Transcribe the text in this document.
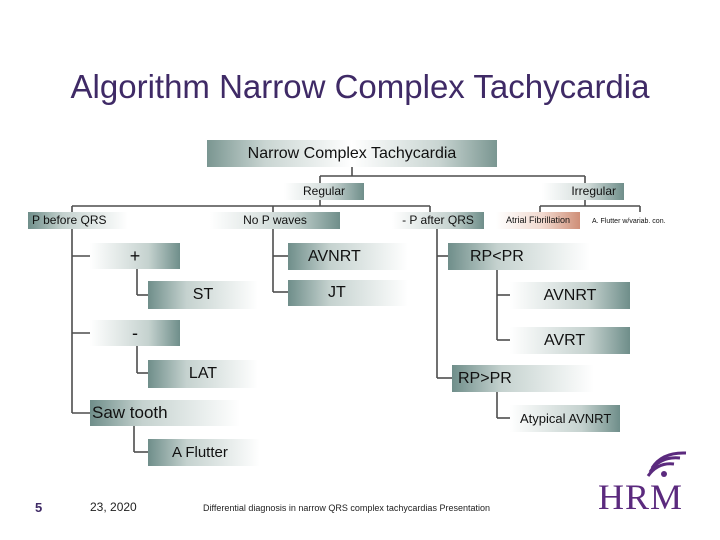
Algorithm Narrow Complex Tachycardia
Narrow Complex Tachycardia
Regular	Irregular
P before QRS	No P waves	- P after QRS	Atrial Fibrillation	A. Flutter w/variab. con.
+
ST
-
LAT
Saw tooth
A Flutter
AVNRT
JT
RP<PR
AVNRT
AVRT
RP>PR
Atypical AVNRT
5	23, 2020	Differential diagnosis in narrow QRS complex tachycardias Presentation	HRM
